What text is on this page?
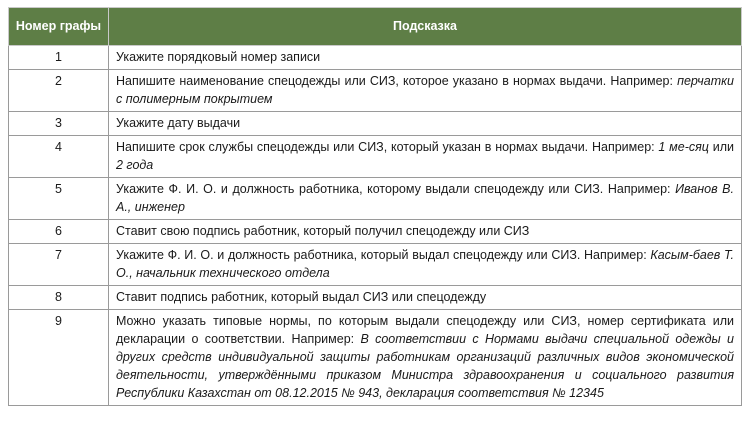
Номер графы	Подсказка
1	Укажите порядковый номер записи
2	Напишите наименование спецодежды или СИЗ, которое указано в нормах выдачи. Например: перчатки с полимерным покрытием
3	Укажите дату выдачи
4	Напишите срок службы спецодежды или СИЗ, который указан в нормах выдачи. Например: 1 ме-сяц или 2 года
5	Укажите Ф. И. О. и должность работника, которому выдали спецодежду или СИЗ. Например: Иванов В. А., инженер
6	Ставит свою подпись работник, который получил спецодежду или СИЗ
7	Укажите Ф. И. О. и должность работника, который выдал спецодежду или СИЗ. Например: Касым-баев Т. О., начальник технического отдела
8	Ставит подпись работник, который выдал СИЗ или спецодежду
9	Можно указать типовые нормы, по которым выдали спецодежду или СИЗ, номер сертификата или декларации о соответствии. Например: В соответствии с Нормами выдачи специальной одежды и других средств индивидуальной защиты работникам организаций различных видов экономической деятельности, утверждёнными приказом Министра здравоохранения и социального развития Республики Казахстан от 08.12.2015 № 943, декларация соответствия № 12345
